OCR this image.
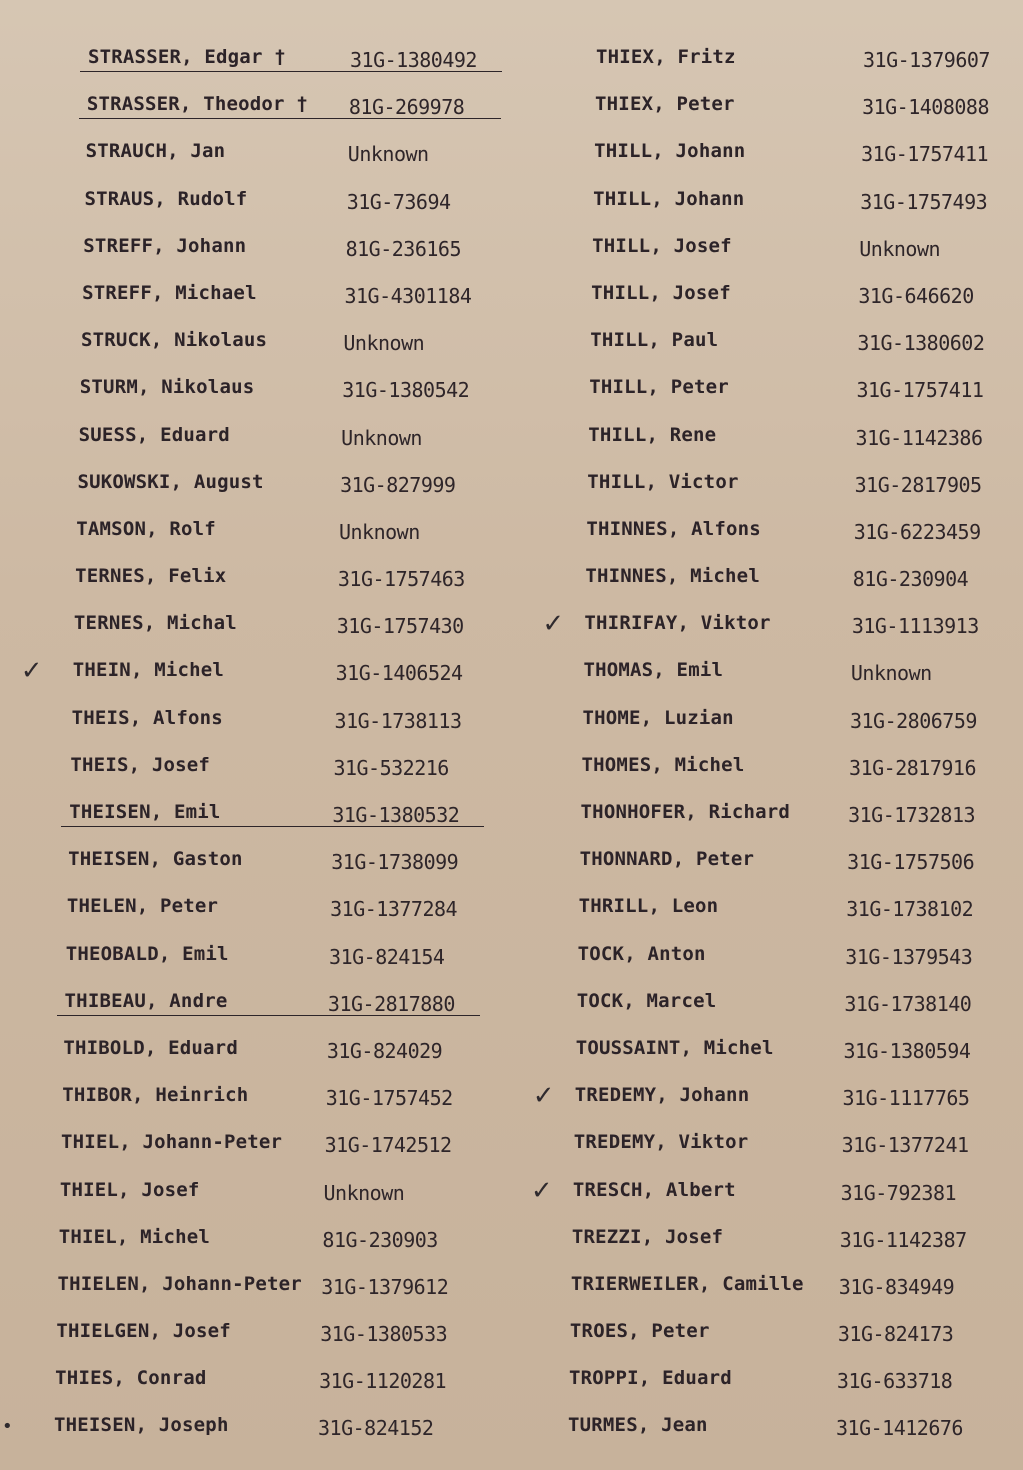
STRASSER, Edgar †	31G-1380492
STRASSER, Theodor † 81G-269978
STRAUCH, Jan	Unknown
STRAUS, Rudolf	31G-73694
STREFF, Johann	81G-236165
STREFF, Michael	31G-4301184
STRUCK, Nikolaus	Unknown
STURM, Nikolaus	31G-1380542
SUESS, Eduard	Unknown
SUKOWSKI, August	31G-827999
TAMSON, Rolf	Unknown
TERNES, Felix	31G-1757463
TERNES, Michal	31G-1757430
✓ THEIN, Michel	31G-1406524
THEIS, Alfons	31G-1738113
THEIS, Josef	31G-532216
THEISEN, Emil	31G-1380532
THEISEN, Gaston	31G-1738099
THELEN, Peter	31G-1377284
THEOBALD, Emil	31G-824154
THIBEAU, Andre	31G-2817880
THIBOLD, Eduard	31G-824029
THIBOR, Heinrich	31G-1757452
THIEL, Johann-Peter 31G-1742512
THIEL, Josef	Unknown
THIEL, Michel	81G-230903
THIELEN, Johann-Peter 31G-1379612
THIELGEN, Josef	31G-1380533
THIES, Conrad	31G-1120281
• THEISEN, Joseph	31G-824152
THIEX, Fritz	31G-1379607
THIEX, Peter	31G-1408088
THILL, Johann	31G-1757411
THILL, Johann	31G-1757493
THILL, Josef	Unknown
THILL, Josef	31G-646620
THILL, Paul	31G-1380602
THILL, Peter	31G-1757411
THILL, Rene	31G-1142386
THILL, Victor	31G-2817905
THINNES, Alfons	31G-6223459
THINNES, Michel	81G-230904
✓ THIRIFAY, Viktor	31G-1113913
THOMAS, Emil	Unknown
THOME, Luzian	31G-2806759
THOMES, Michel	31G-2817916
THONHOFER, Richard	31G-1732813
THONNARD, Peter	31G-1757506
THRILL, Leon	31G-1738102
TOCK, Anton	31G-1379543
TOCK, Marcel	31G-1738140
TOUSSAINT, Michel	31G-1380594
✓ TREDEMY, Johann	31G-1117765
TREDEMY, Viktor	31G-1377241
✓ TRESCH, Albert	31G-792381
TREZZI, Josef	31G-1142387
TRIERWEILER, Camille 31G-834949
TROES, Peter	31G-824173
TROPPI, Eduard	31G-633718
TURMES, Jean	31G-1412676
